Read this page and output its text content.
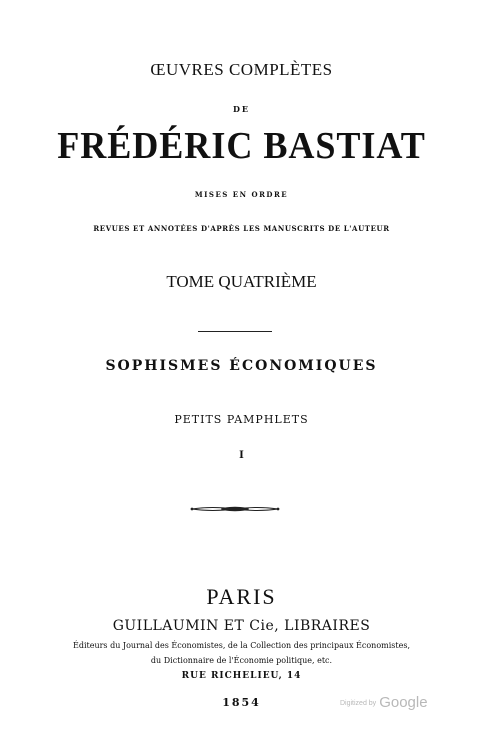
ŒUVRES COMPLÈTES
DE
FRÉDÉRIC BASTIAT
MISES EN ORDRE
REVUES ET ANNOTÉES D'APRÈS LES MANUSCRITS DE L'AUTEUR
TOME QUATRIÈME
SOPHISMES ÉCONOMIQUES
PETITS PAMPHLETS
I
PARIS
GUILLAUMIN ET Cie, LIBRAIRES
Éditeurs du Journal des Économistes, de la Collection des principaux Économistes,
du Dictionnaire de l'Économie politique, etc.
RUE RICHELIEU, 14
1854	Digitized by Google
